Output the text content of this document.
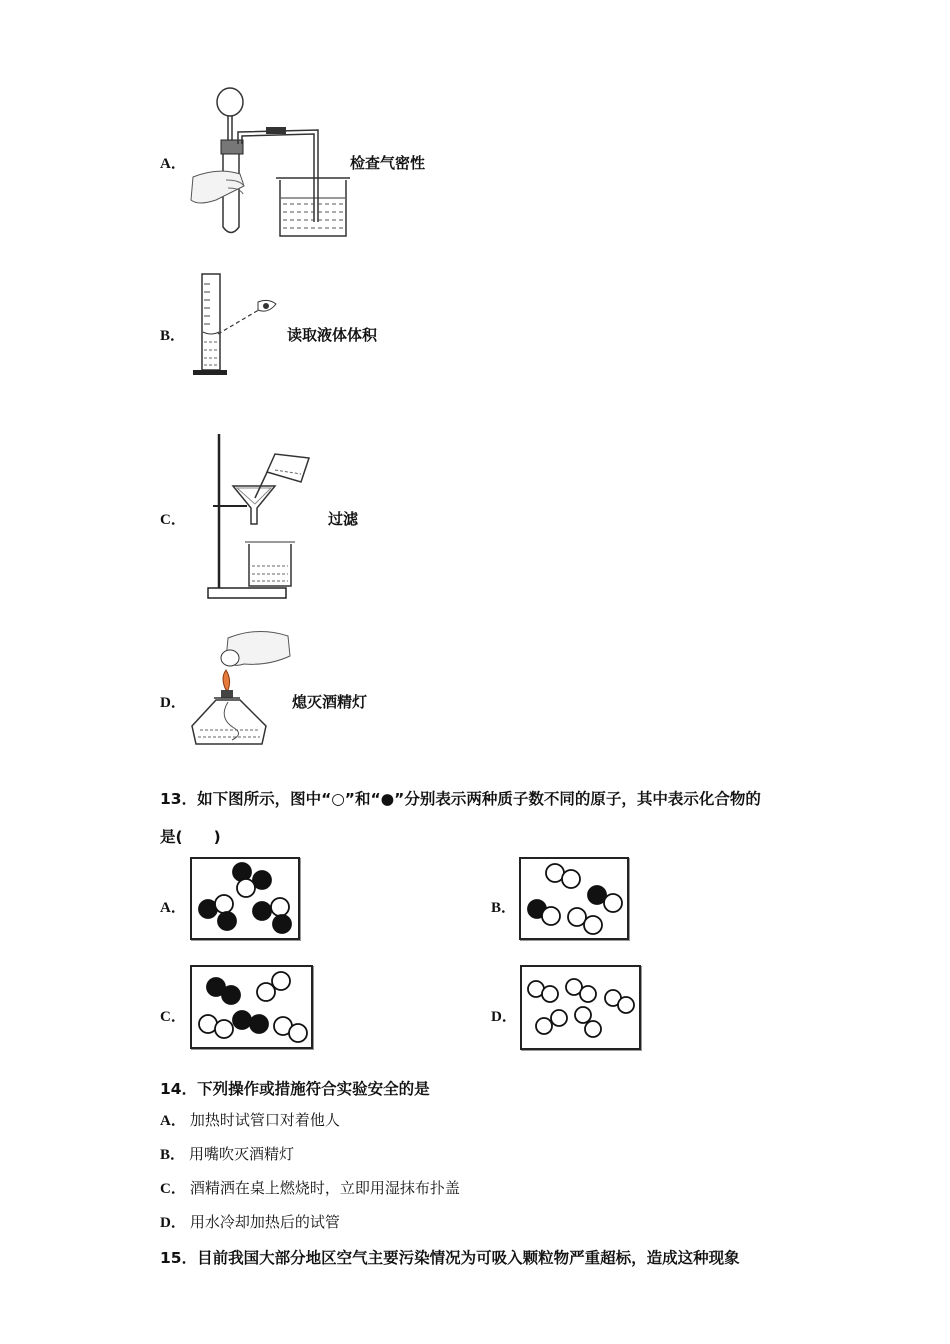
A．	检查气密性
B．	读取液体体积
C．	过滤
D．	熄灭酒精灯
13．如下图所示，图中“○”和“●”分别表示两种质子数不同的原子，其中表示化合物的
是(　　)
A．	B．
C．	D．
14．下列操作或措施符合实验安全的是
A． 加热时试管口对着他人
B． 用嘴吹灭酒精灯
C． 酒精洒在桌上燃烧时，立即用湿抹布扑盖
D． 用水冷却加热后的试管
15．目前我国大部分地区空气主要污染情况为可吸入颗粒物严重超标，造成这种现象
